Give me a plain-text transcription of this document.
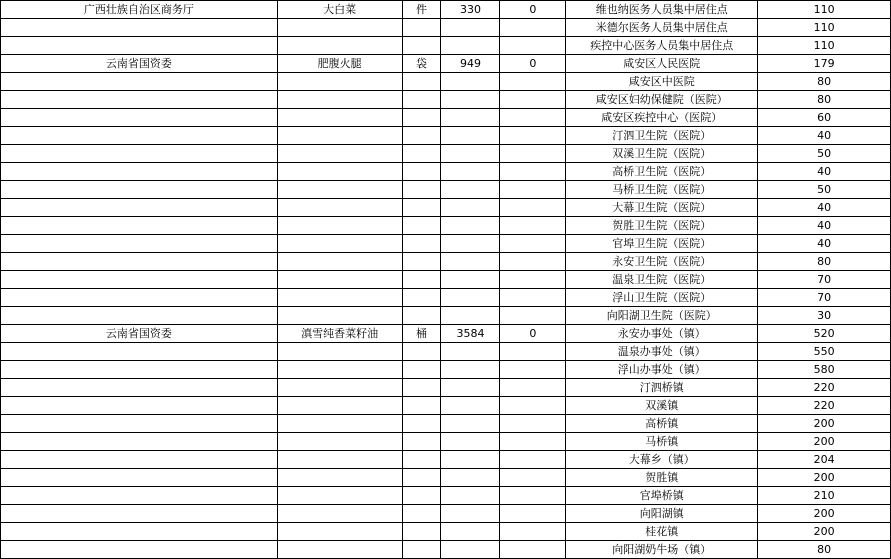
广西壮族自治区商务厅	大白菜	件	330	0	维也纳医务人员集中居住点	110
					米德尔医务人员集中居住点	110
					疾控中心医务人员集中居住点	110
云南省国资委	肥腹火腿	袋	949	0	咸安区人民医院	179
					咸安区中医院	80
					咸安区妇幼保健院（医院）	80
					咸安区疾控中心（医院）	60
					汀泗卫生院（医院）	40
					双溪卫生院（医院）	50
					高桥卫生院（医院）	40
					马桥卫生院（医院）	50
					大幕卫生院（医院）	40
					贺胜卫生院（医院）	40
					官埠卫生院（医院）	40
					永安卫生院（医院）	80
					温泉卫生院（医院）	70
					浮山卫生院（医院）	70
					向阳湖卫生院（医院）	30
云南省国资委	滇雪纯香菜籽油	桶	3584	0	永安办事处（镇）	520
					温泉办事处（镇）	550
					浮山办事处（镇）	580
					汀泗桥镇	220
					双溪镇	220
					高桥镇	200
					马桥镇	200
					大幕乡（镇）	204
					贺胜镇	200
					官埠桥镇	210
					向阳湖镇	200
					桂花镇	200
					向阳湖奶牛场（镇）	80
